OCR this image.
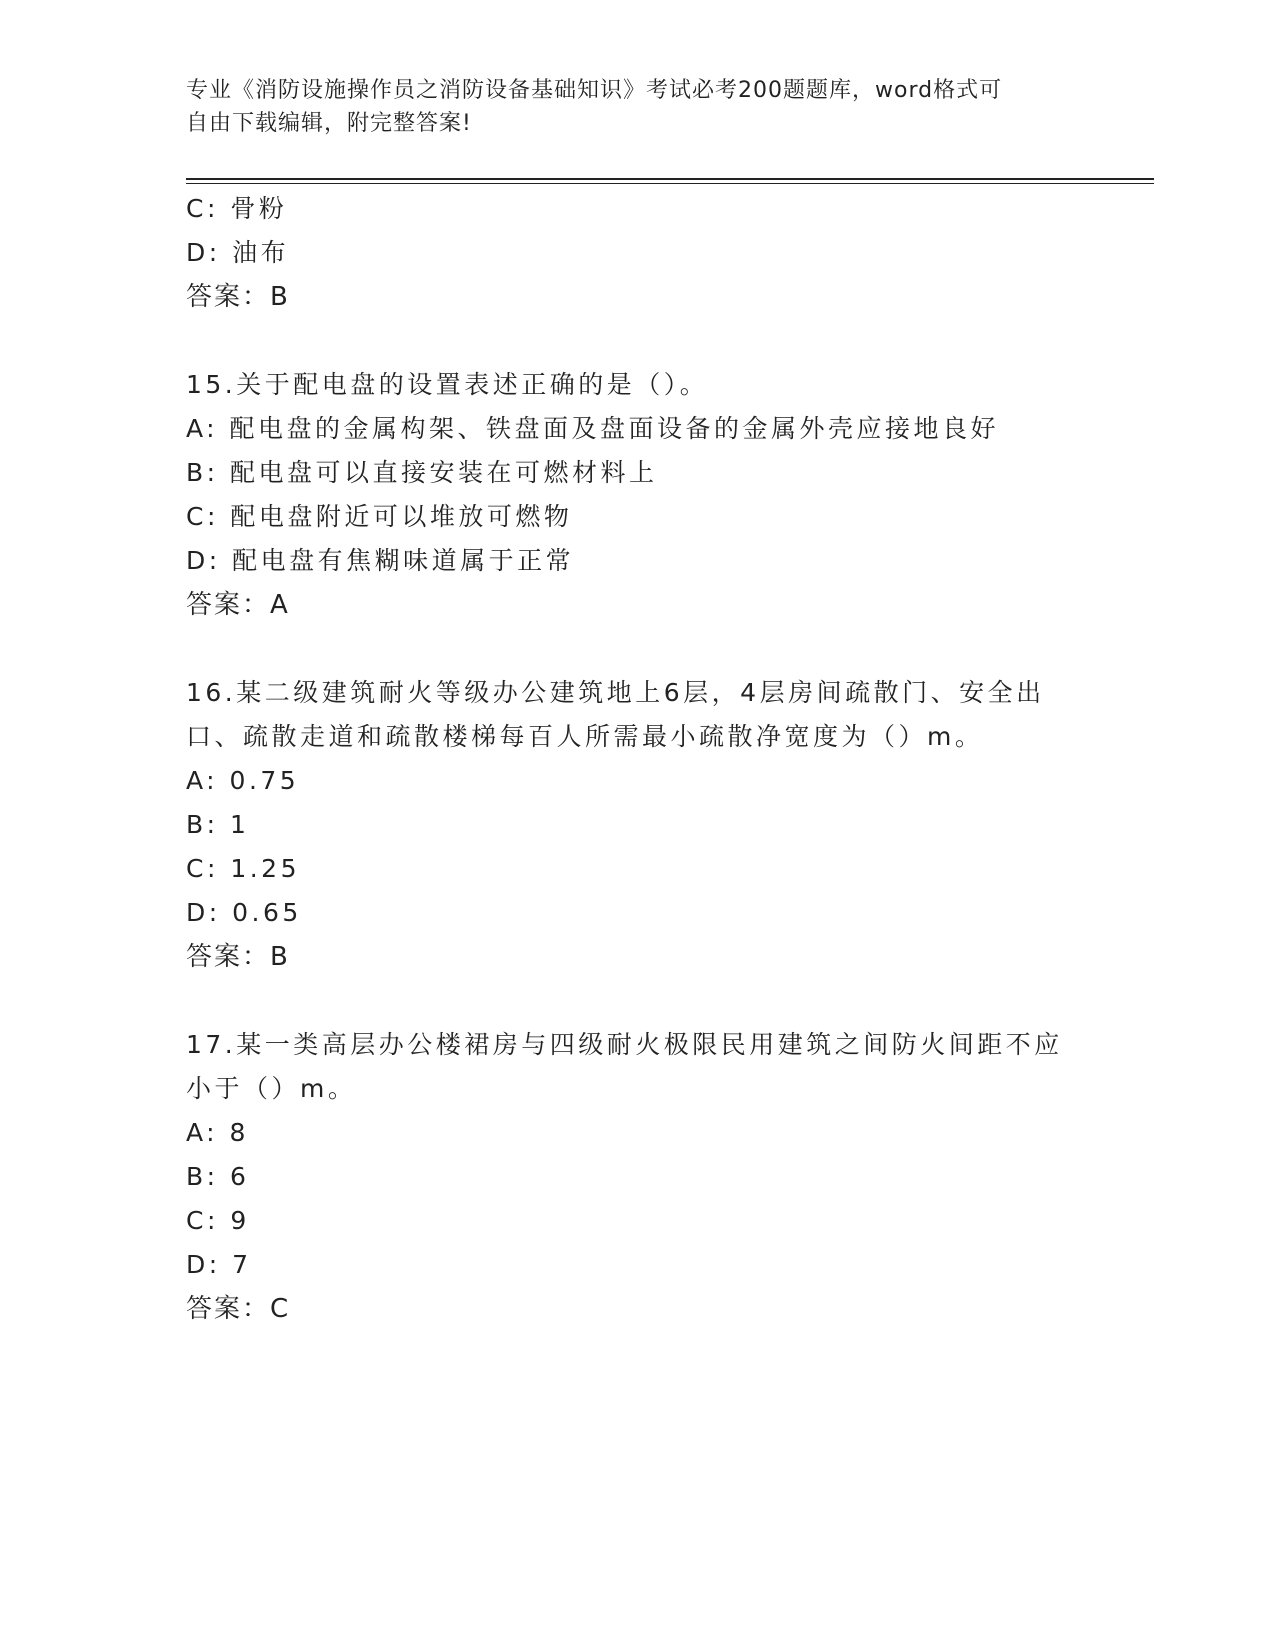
专业《消防设施操作员之消防设备基础知识》考试必考200题题库，word格式可
自由下载编辑，附完整答案!
C: 骨粉
D: 油布
答案：B
15.关于配电盘的设置表述正确的是（）。
A: 配电盘的金属构架、铁盘面及盘面设备的金属外壳应接地良好
B: 配电盘可以直接安装在可燃材料上
C: 配电盘附近可以堆放可燃物
D: 配电盘有焦糊味道属于正常
答案：A
16.某二级建筑耐火等级办公建筑地上6层，4层房间疏散门、安全出
口、疏散走道和疏散楼梯每百人所需最小疏散净宽度为（）m。
A: 0.75
B: 1
C: 1.25
D: 0.65
答案：B
17.某一类高层办公楼裙房与四级耐火极限民用建筑之间防火间距不应
小于（）m。
A: 8
B: 6
C: 9
D: 7
答案：C
